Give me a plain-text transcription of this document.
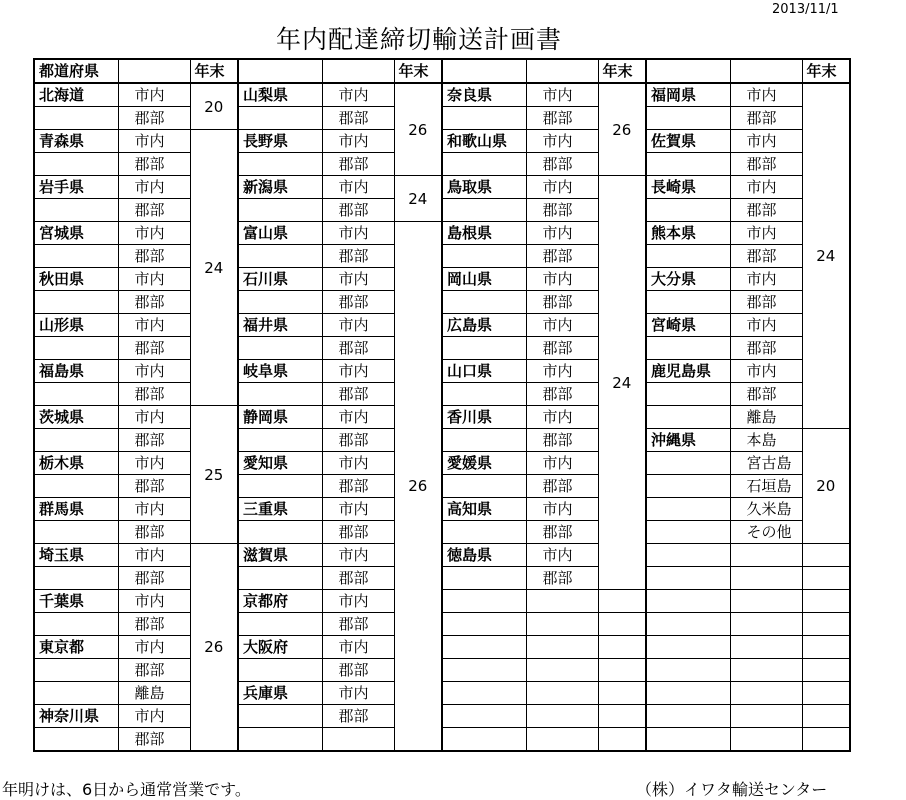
2013/11/1
年内配達締切輸送計画書
都道府県		年末			年末			年末			年末
北海道	市内	20	山梨県	市内	26	奈良県	市内	26	福岡県	市内	24
	郡部			郡部			郡部			郡部	
青森県	市内	24	長野県	市内		和歌山県	市内		佐賀県	市内	
	郡部			郡部			郡部			郡部	
岩手県	市内		新潟県	市内	24	鳥取県	市内	24	長崎県	市内	
	郡部			郡部			郡部			郡部	
宮城県	市内		富山県	市内	26	島根県	市内		熊本県	市内	
	郡部			郡部			郡部			郡部	
秋田県	市内		石川県	市内		岡山県	市内		大分県	市内	
	郡部			郡部			郡部			郡部	
山形県	市内		福井県	市内		広島県	市内		宮崎県	市内	
	郡部			郡部			郡部			郡部	
福島県	市内		岐阜県	市内		山口県	市内		鹿児島県	市内	
	郡部			郡部			郡部			郡部	
茨城県	市内	25	静岡県	市内		香川県	市内			離島	
	郡部			郡部			郡部		沖縄県	本島	20
栃木県	市内		愛知県	市内		愛媛県	市内			宮古島	
	郡部			郡部			郡部			石垣島	
群馬県	市内		三重県	市内		高知県	市内			久米島	
	郡部			郡部			郡部			その他	
埼玉県	市内	26	滋賀県	市内		徳島県	市内				
	郡部			郡部			郡部				
千葉県	市内		京都府	市内							
	郡部			郡部							
東京都	市内		大阪府	市内							
	郡部			郡部							
	離島		兵庫県	市内							
神奈川県	市内			郡部							
	郡部										
年明けは、6日から通常営業です。	（株）イワタ輸送センター
